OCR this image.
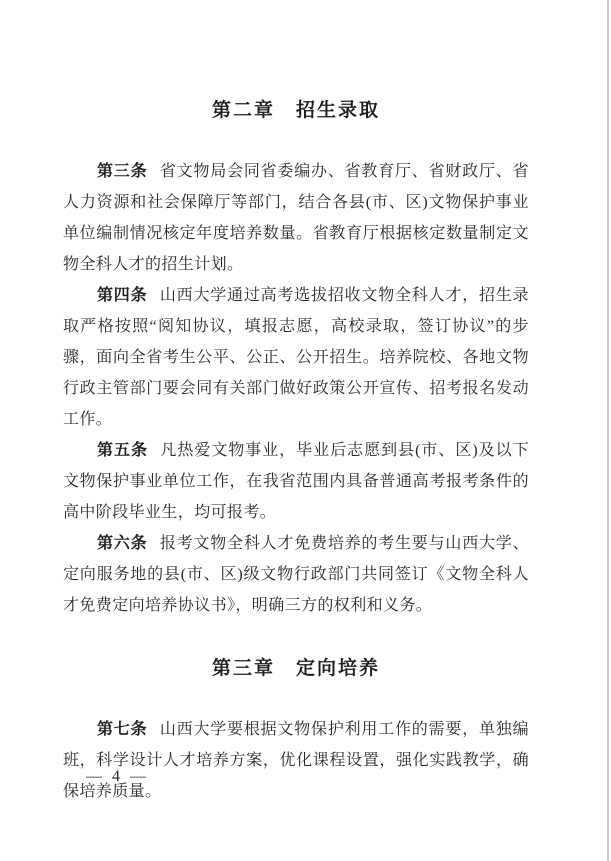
第二章　招生录取

第三条 省文物局会同省委编办、省教育厅、省财政厅、省人力资源和社会保障厅等部门，结合各县(市、区)文物保护事业单位编制情况核定年度培养数量。省教育厅根据核定数量制定文物全科人才的招生计划。

第四条 山西大学通过高考选拔招收文物全科人才，招生录取严格按照“阅知协议，填报志愿，高校录取，签订协议”的步骤，面向全省考生公平、公正、公开招生。培养院校、各地文物行政主管部门要会同有关部门做好政策公开宣传、招考报名发动工作。

第五条 凡热爱文物事业，毕业后志愿到县(市、区)及以下文物保护事业单位工作，在我省范围内具备普通高考报考条件的高中阶段毕业生，均可报考。

第六条 报考文物全科人才免费培养的考生要与山西大学、定向服务地的县(市、区)级文物行政部门共同签订《文物全科人才免费定向培养协议书》，明确三方的权利和义务。

第三章　定向培养

第七条 山西大学要根据文物保护利用工作的需要，单独编班，科学设计人才培养方案，优化课程设置，强化实践教学，确保培养质量。

— 4 —
